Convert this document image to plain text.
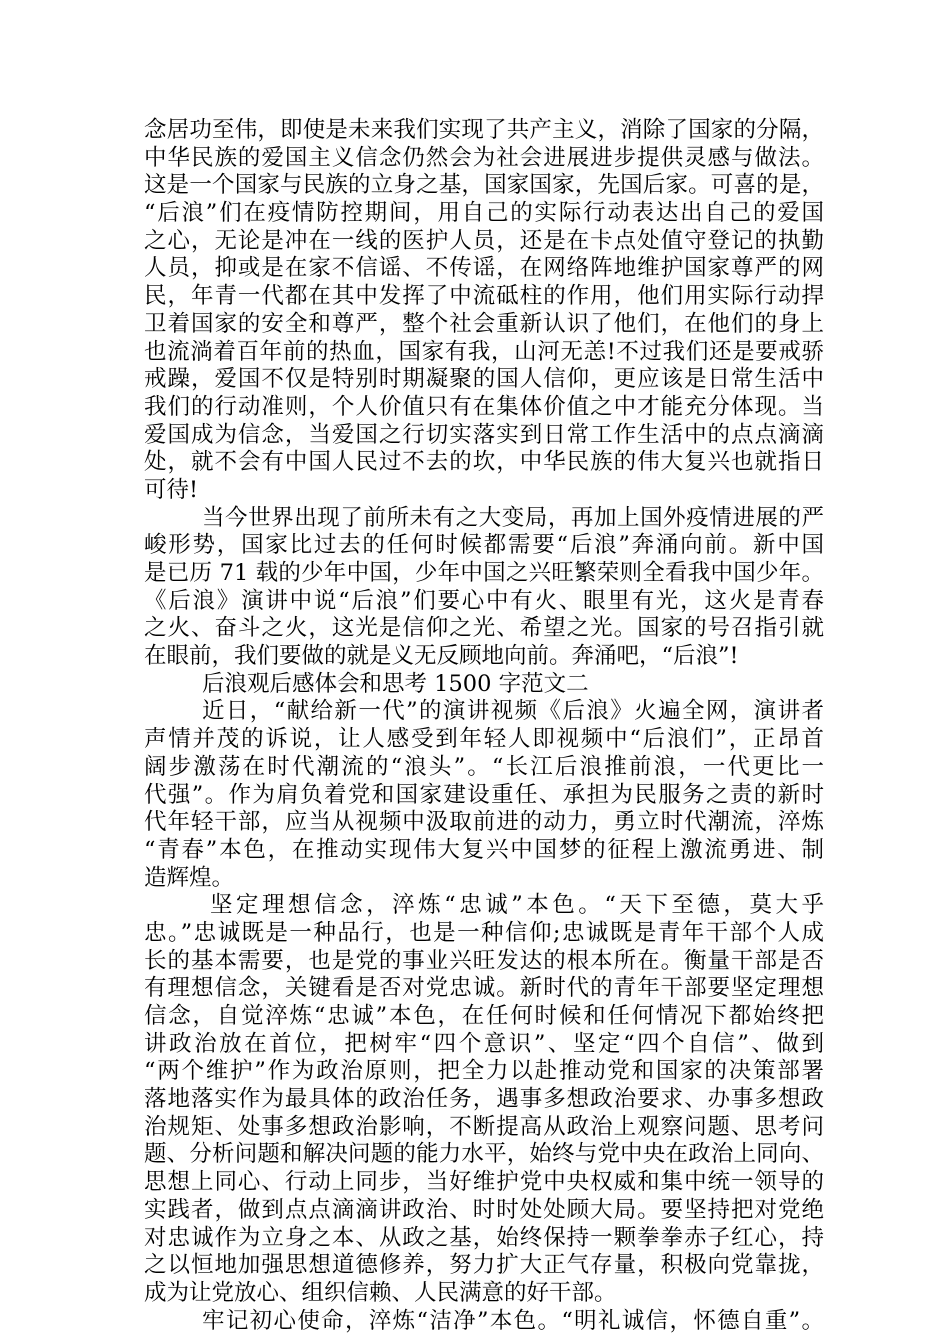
念居功至伟，即使是未来我们实现了共产主义，消除了国家的分隔，
中华民族的爱国主义信念仍然会为社会进展进步提供灵感与做法。
这是一个国家与民族的立身之基，国家国家，先国后家。可喜的是，
“后浪”们在疫情防控期间，用自己的实际行动表达出自己的爱国
之心，无论是冲在一线的医护人员，还是在卡点处值守登记的执勤
人员，抑或是在家不信谣、不传谣，在网络阵地维护国家尊严的网
民，年青一代都在其中发挥了中流砥柱的作用，他们用实际行动捍
卫着国家的安全和尊严，整个社会重新认识了他们，在他们的身上
也流淌着百年前的热血，国家有我，山河无恙!不过我们还是要戒骄
戒躁，爱国不仅是特别时期凝聚的国人信仰，更应该是日常生活中
我们的行动准则，个人价值只有在集体价值之中才能充分体现。当
爱国成为信念，当爱国之行切实落实到日常工作生活中的点点滴滴
处，就不会有中国人民过不去的坎，中华民族的伟大复兴也就指日
可待!
当今世界出现了前所未有之大变局，再加上国外疫情进展的严
峻形势，国家比过去的任何时候都需要“后浪”奔涌向前。新中国
是已历 71 载的少年中国，少年中国之兴旺繁荣则全看我中国少年。
《后浪》演讲中说“后浪”们要心中有火、眼里有光，这火是青春
之火、奋斗之火，这光是信仰之光、希望之光。国家的号召指引就
在眼前，我们要做的就是义无反顾地向前。奔涌吧，“后浪”!
后浪观后感体会和思考 1500 字范文二
近日，“献给新一代”的演讲视频《后浪》火遍全网，演讲者
声情并茂的诉说，让人感受到年轻人即视频中“后浪们”，正昂首
阔步激荡在时代潮流的“浪头”。“长江后浪推前浪，一代更比一
代强”。作为肩负着党和国家建设重任、承担为民服务之责的新时
代年轻干部，应当从视频中汲取前进的动力，勇立时代潮流，淬炼
“青春”本色，在推动实现伟大复兴中国梦的征程上激流勇进、制
造辉煌。
坚定理想信念，淬炼“忠诚”本色。“天下至德，莫大乎
忠。”忠诚既是一种品行，也是一种信仰;忠诚既是青年干部个人成
长的基本需要，也是党的事业兴旺发达的根本所在。衡量干部是否
有理想信念，关键看是否对党忠诚。新时代的青年干部要坚定理想
信念，自觉淬炼“忠诚”本色，在任何时候和任何情况下都始终把
讲政治放在首位，把树牢“四个意识”、坚定“四个自信”、做到
“两个维护”作为政治原则，把全力以赴推动党和国家的决策部署
落地落实作为最具体的政治任务，遇事多想政治要求、办事多想政
治规矩、处事多想政治影响，不断提高从政治上观察问题、思考问
题、分析问题和解决问题的能力水平，始终与党中央在政治上同向、
思想上同心、行动上同步，当好维护党中央权威和集中统一领导的
实践者，做到点点滴滴讲政治、时时处处顾大局。要坚持把对党绝
对忠诚作为立身之本、从政之基，始终保持一颗拳拳赤子红心，持
之以恒地加强思想道德修养，努力扩大正气存量，积极向党靠拢，
成为让党放心、组织信赖、人民满意的好干部。
牢记初心使命，淬炼“洁净”本色。“明礼诚信，怀德自重”。
